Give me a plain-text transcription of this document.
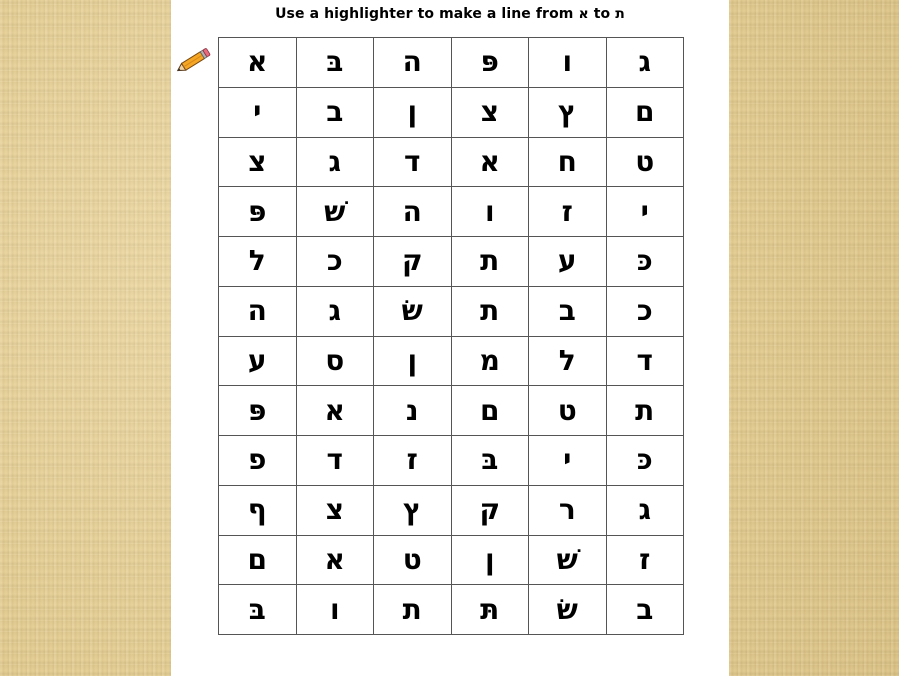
Use a highlighter to make a line from א to ת
ג	ו	פּ	ה	בּ	א
ם	ץ	צ	ן	ב	י
ט	ח	א	ד	ג	צ
י	ז	ו	ה	שׁ	פּ
כּ	ע	ת	ק	כ	ל
כ	ב	ת	שׂ	ג	ה
ד	ל	מ	ן	ס	ע
ת	ט	ם	נ	א	פּ
כּ	י	בּ	ז	ד	פ
ג	ר	ק	ץ	צ	ף
ז	שׁ	ן	ט	א	ם
ב	שׂ	תּ	ת	ו	בּ
